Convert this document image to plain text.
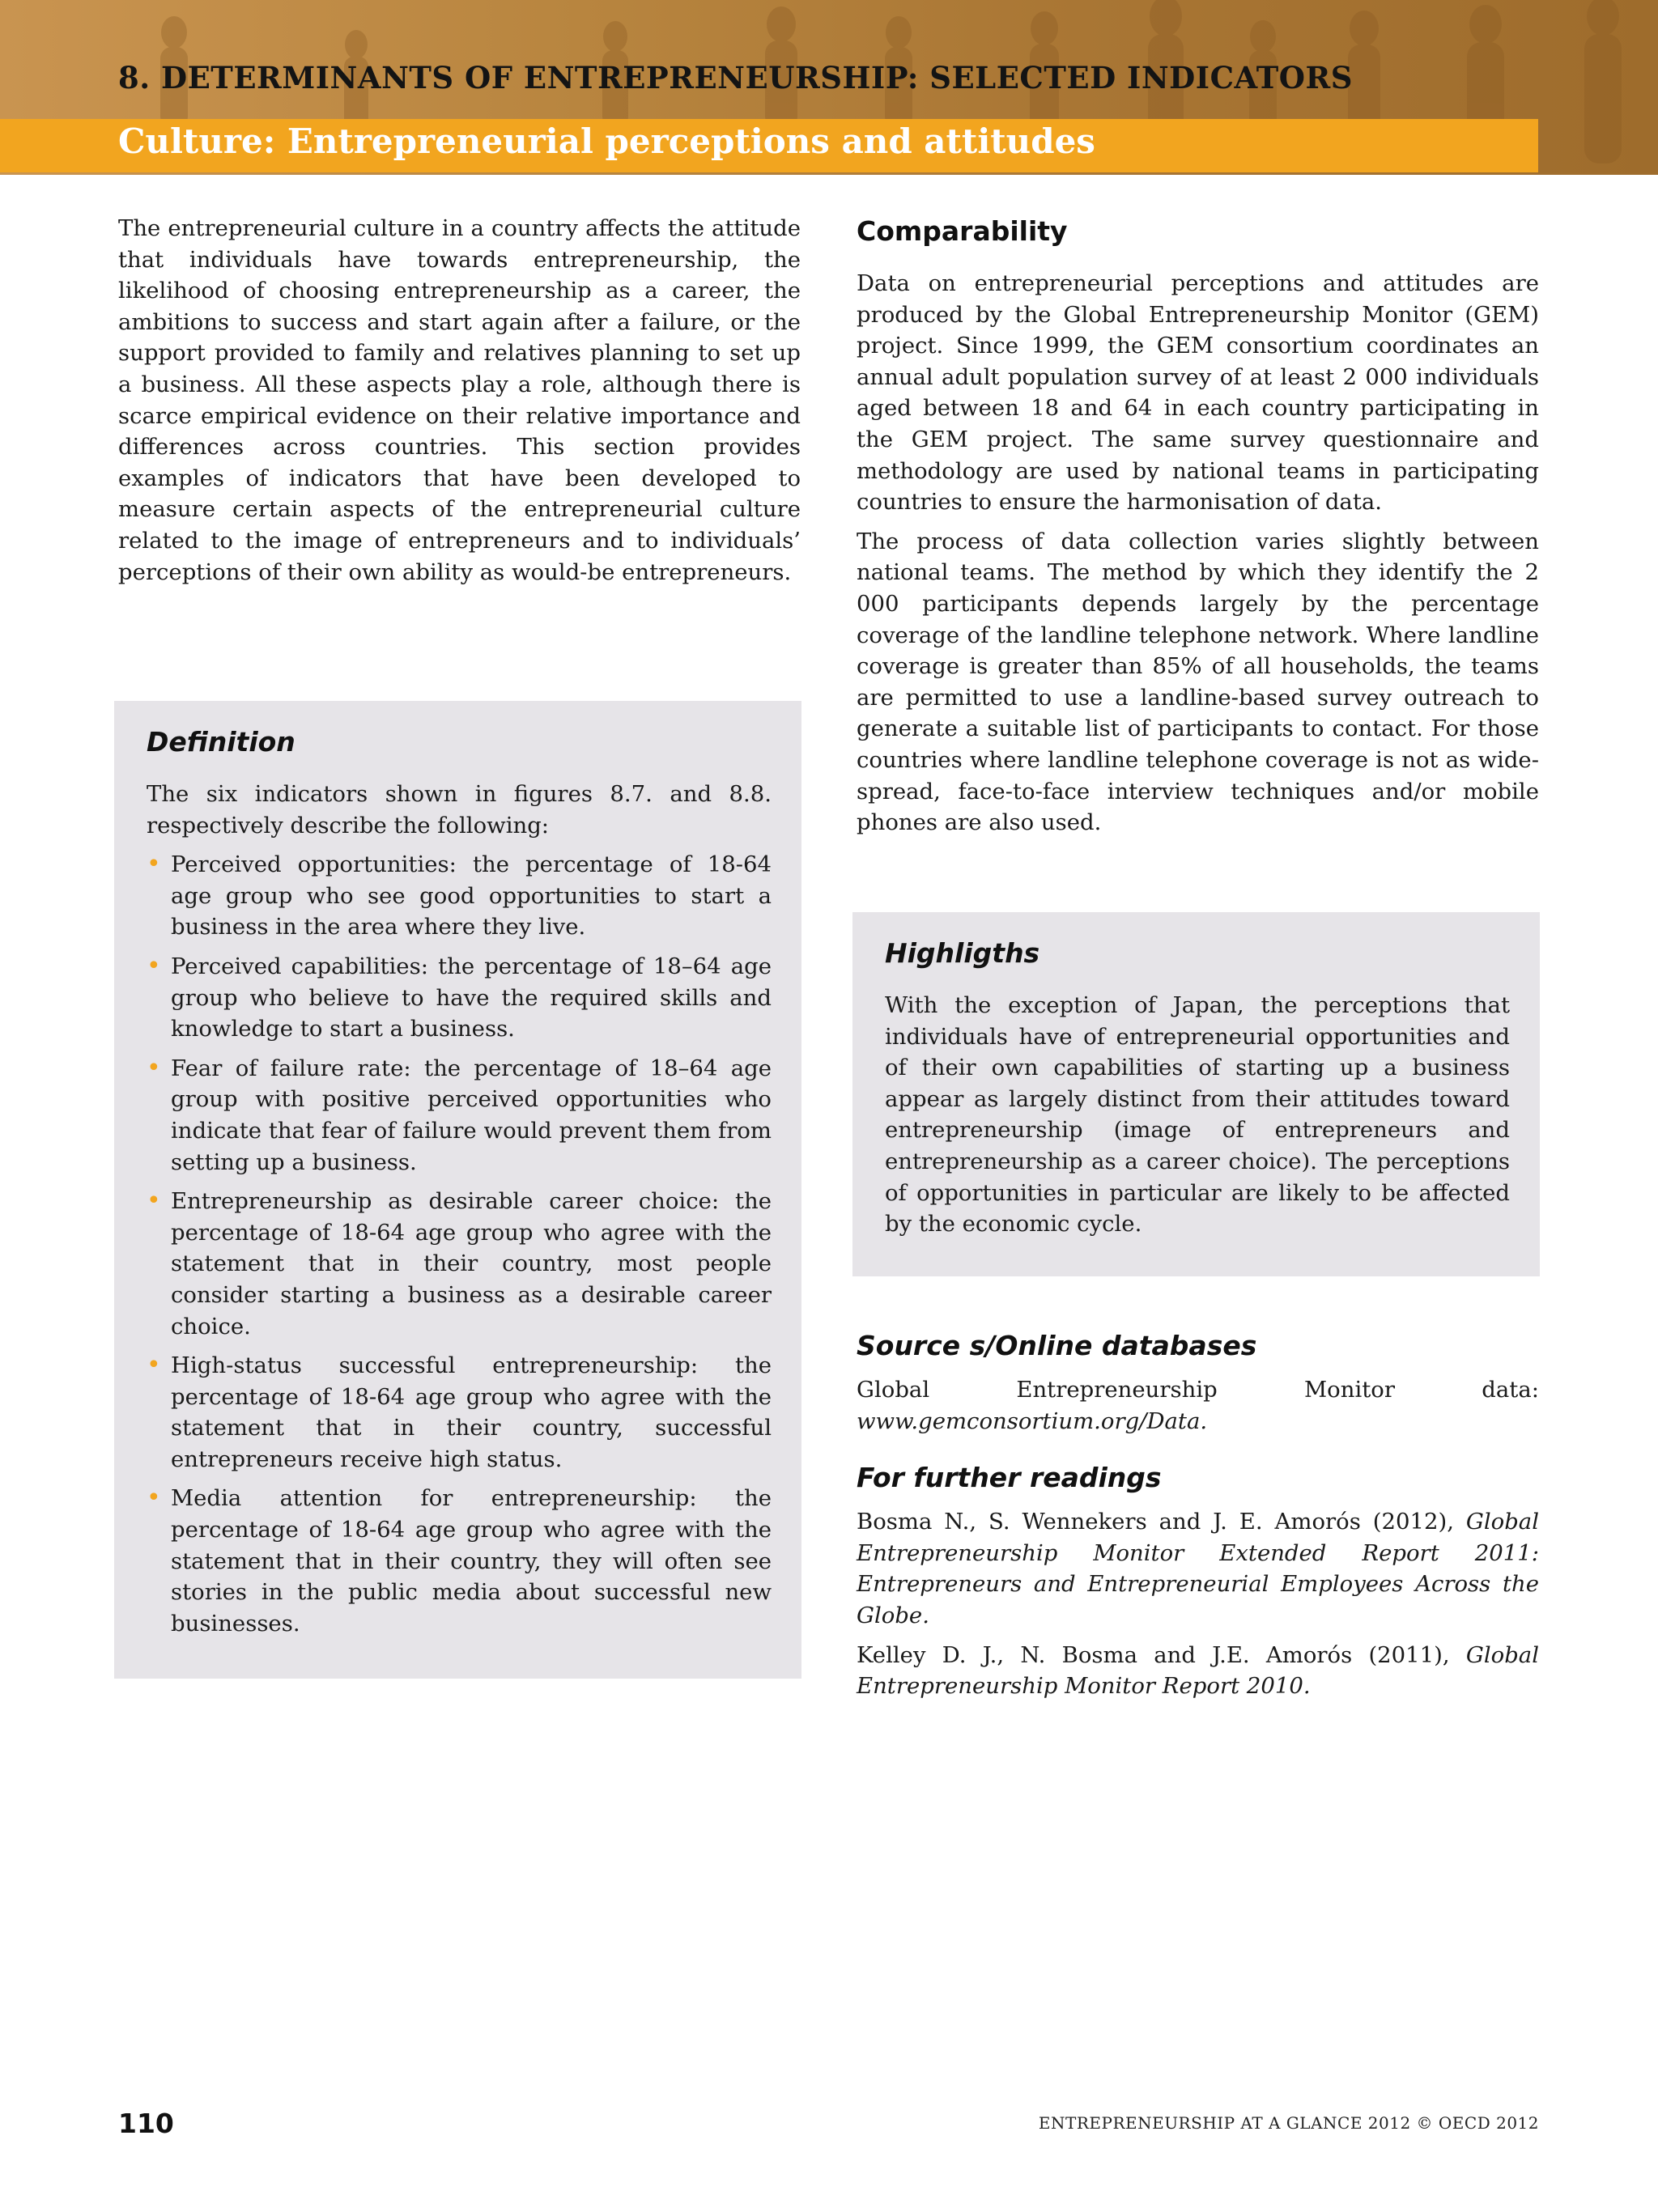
8. DETERMINANTS OF ENTREPRENEURSHIP: SELECTED INDICATORS
Culture: Entrepreneurial perceptions and attitudes

The entrepreneurial culture in a country affects the attitude that individuals have towards entrepreneurship, the likelihood of choosing entrepreneurship as a career, the ambitions to success and start again after a failure, or the support provided to family and relatives planning to set up a business. All these aspects play a role, although there is scarce empirical evidence on their relative importance and differences across countries. This section provides examples of indicators that have been developed to measure certain aspects of the entrepreneurial culture related to the image of entrepreneurs and to individuals’ perceptions of their own ability as would-be entrepreneurs.

Definition

The six indicators shown in figures 8.7. and 8.8. respectively describe the following:

• Perceived opportunities: the percentage of 18-64 age group who see good opportunities to start a business in the area where they live.
• Perceived capabilities: the percentage of 18–64 age group who believe to have the required skills and knowledge to start a business.
• Fear of failure rate: the percentage of 18–64 age group with positive perceived opportunities who indicate that fear of failure would prevent them from setting up a business.
• Entrepreneurship as desirable career choice: the percentage of 18-64 age group who agree with the statement that in their country, most people consider starting a business as a desirable career choice.
• High-status successful entrepreneurship: the percentage of 18-64 age group who agree with the statement that in their country, successful entrepreneurs receive high status.
• Media attention for entrepreneurship: the percentage of 18-64 age group who agree with the statement that in their country, they will often see stories in the public media about successful new businesses.
Comparability

Data on entrepreneurial perceptions and attitudes are produced by the Global Entrepreneurship Monitor (GEM) project. Since 1999, the GEM consortium coordinates an annual adult population survey of at least 2 000 individuals aged between 18 and 64 in each country participating in the GEM project. The same survey questionnaire and methodology are used by national teams in participating countries to ensure the harmonisation of data.

The process of data collection varies slightly between national teams. The method by which they identify the 2 000 participants depends largely by the percentage coverage of the landline telephone network. Where landline coverage is greater than 85% of all households, the teams are permitted to use a landline-based survey outreach to generate a suitable list of participants to contact. For those countries where landline telephone coverage is not as wide-spread, face-to-face interview techniques and/or mobile phones are also used.

Highligths

With the exception of Japan, the perceptions that individuals have of entrepreneurial opportunities and of their own capabilities of starting up a business appear as largely distinct from their attitudes toward entrepreneurship (image of entrepreneurs and entrepreneurship as a career choice). The perceptions of opportunities in particular are likely to be affected by the economic cycle.

Source s/Online databases

Global Entrepreneurship Monitor data: www.gemconsortium.org/Data.

For further readings

Bosma N., S. Wennekers and J. E. Amorós (2012), Global Entrepreneurship Monitor Extended Report 2011: Entrepreneurs and Entrepreneurial Employees Across the Globe.

Kelley D. J., N. Bosma and J.E. Amorós (2011), Global Entrepreneurship Monitor Report 2010.

110	ENTREPRENEURSHIP AT A GLANCE 2012 © OECD 2012
